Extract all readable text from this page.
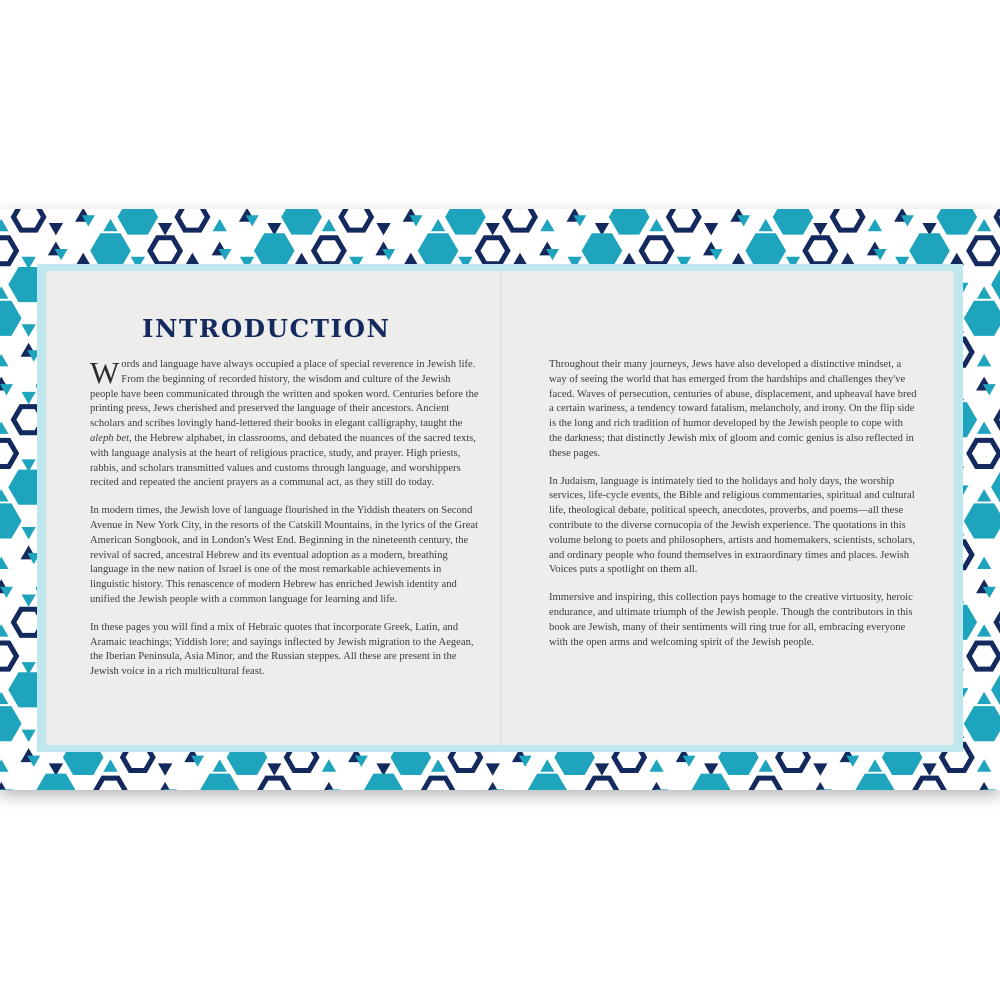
INTRODUCTION

Words and language have always occupied a place of special reverence in Jewish life. From the beginning of recorded history, the wisdom and culture of the Jewish people have been communicated through the written and spoken word. Centuries before the printing press, Jews cherished and preserved the language of their ancestors. Ancient scholars and scribes lovingly hand-lettered their books in elegant calligraphy, taught the aleph bet, the Hebrew alphabet, in classrooms, and debated the nuances of the sacred texts, with language analysis at the heart of religious practice, study, and prayer. High priests, rabbis, and scholars transmitted values and customs through language, and worshippers recited and repeated the ancient prayers as a communal act, as they still do today.

In modern times, the Jewish love of language flourished in the Yiddish theaters on Second Avenue in New York City, in the resorts of the Catskill Mountains, in the lyrics of the Great American Songbook, and in London's West End. Beginning in the nineteenth century, the revival of sacred, ancestral Hebrew and its eventual adoption as a modern, breathing language in the new nation of Israel is one of the most remarkable achievements in linguistic history. This renascence of modern Hebrew has enriched Jewish identity and unified the Jewish people with a common language for learning and life.

In these pages you will find a mix of Hebraic quotes that incorporate Greek, Latin, and Aramaic teachings; Yiddish lore; and sayings inflected by Jewish migration to the Aegean, the Iberian Peninsula, Asia Minor, and the Russian steppes. All these are present in the Jewish voice in a rich multicultural feast.

Throughout their many journeys, Jews have also developed a distinctive mindset, a way of seeing the world that has emerged from the hardships and challenges they've faced. Waves of persecution, centuries of abuse, displacement, and upheaval have bred a certain wariness, a tendency toward fatalism, melancholy, and irony. On the flip side is the long and rich tradition of humor developed by the Jewish people to cope with the darkness; that distinctly Jewish mix of gloom and comic genius is also reflected in these pages.

In Judaism, language is intimately tied to the holidays and holy days, the worship services, life-cycle events, the Bible and religious commentaries, spiritual and cultural life, theological debate, political speech, anecdotes, proverbs, and poems—all these contribute to the diverse cornucopia of the Jewish experience. The quotations in this volume belong to poets and philosophers, artists and homemakers, scientists, scholars, and ordinary people who found themselves in extraordinary times and places. Jewish Voices puts a spotlight on them all.

Immersive and inspiring, this collection pays homage to the creative virtuosity, heroic endurance, and ultimate triumph of the Jewish people. Though the contributors in this book are Jewish, many of their sentiments will ring true for all, embracing everyone with the open arms and welcoming spirit of the Jewish people.
